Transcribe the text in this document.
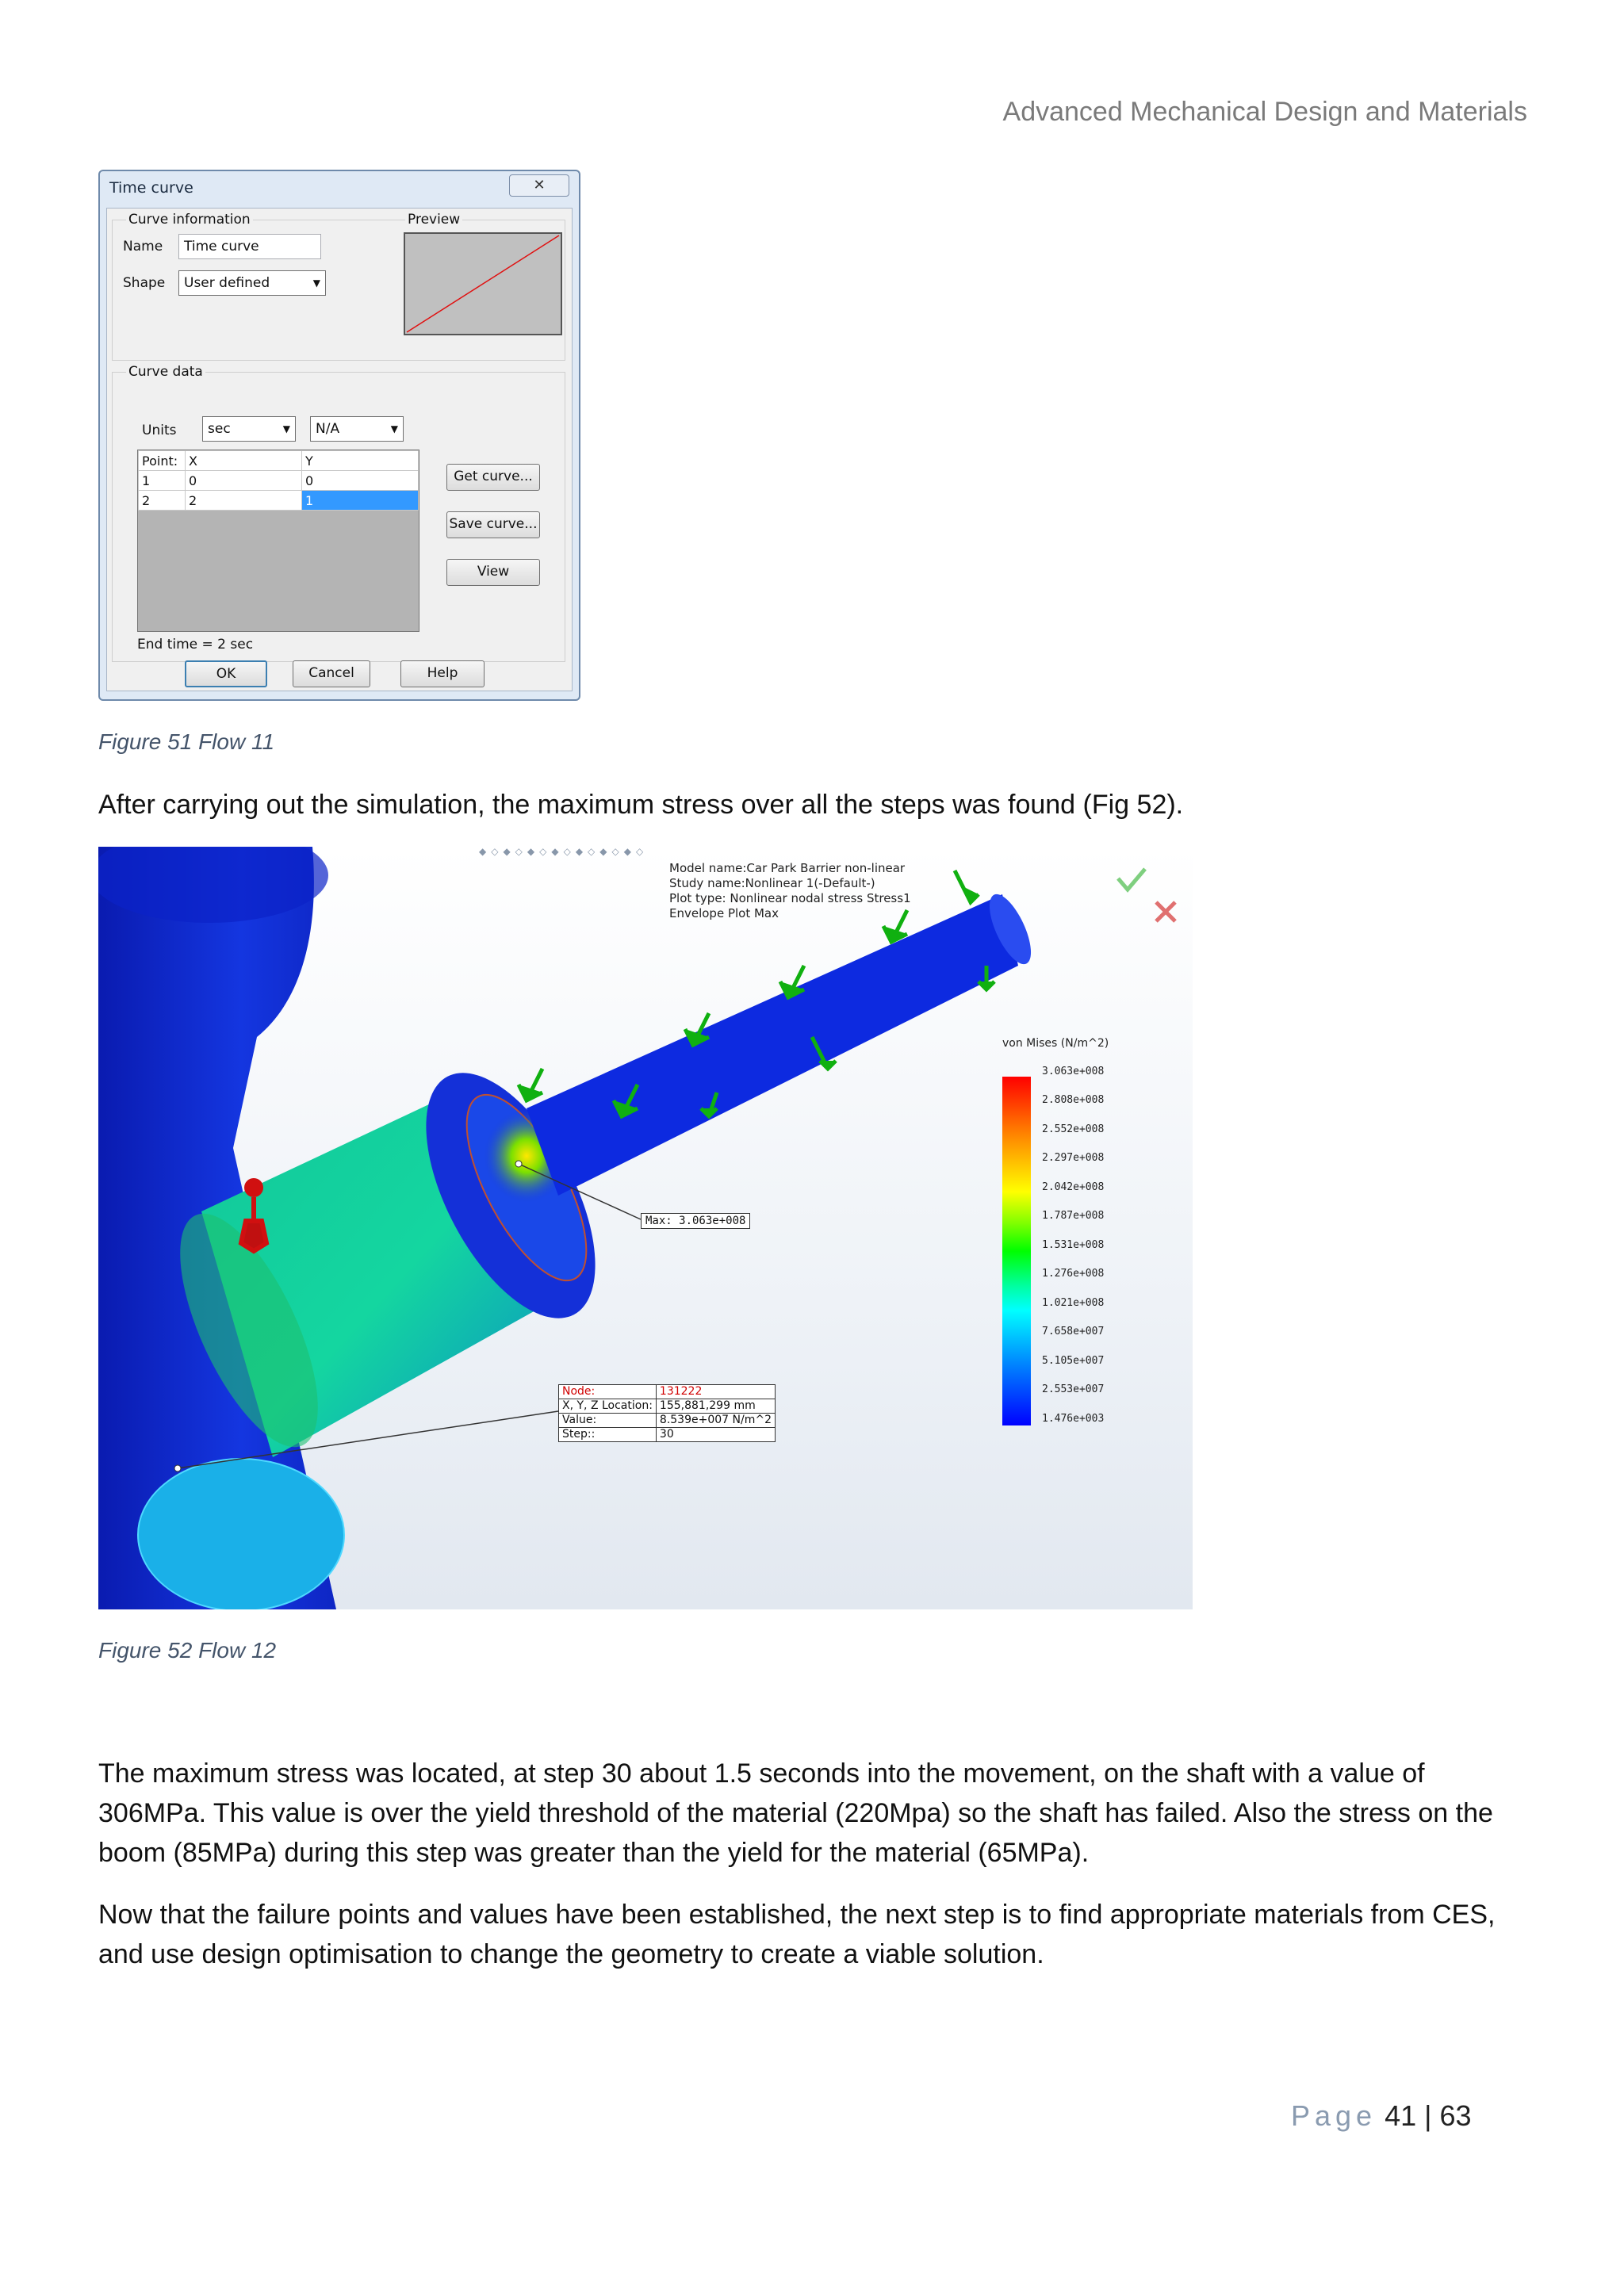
Advanced Mechanical Design and Materials
Time curve	✕
Curve information	Preview
Name	Time curve
Shape	User defined	▼
Curve data
Units	sec	▼	N/A	▼
Point:	X	Y
1	0	0
2	2	1
Get curve...
Save curve...
View
End time = 2 sec
OK	Cancel	Help
Figure 51 Flow 11

After carrying out the simulation, the maximum stress over all the steps was found (Fig 52).

◆◇◆◇◆◇◆◇◆◇◆◇◆◇
Model name:Car Park Barrier non-linear
Study name:Nonlinear 1(-Default-)
Plot type: Nonlinear nodal stress Stress1
Envelope Plot Max
von Mises (N/m^2)
3.063e+008
2.808e+008
2.552e+008
2.297e+008
2.042e+008
1.787e+008
1.531e+008
1.276e+008
1.021e+008
7.658e+007
5.105e+007
2.553e+007
1.476e+003
Max: 3.063e+008
Node:	131222
X, Y, Z Location:	155,881,299 mm
Value:	8.539e+007 N/m^2
Step::	30
Figure 52 Flow 12

The maximum stress was located, at step 30 about 1.5 seconds into the movement, on the shaft with a value of 306MPa. This value is over the yield threshold of the material (220Mpa) so the shaft has failed. Also the stress on the boom (85MPa) during this step was greater than the yield for the material (65MPa).

Now that the failure points and values have been established, the next step is to find appropriate materials from CES, and use design optimisation to change the geometry to create a viable solution.

Page 41 | 63
